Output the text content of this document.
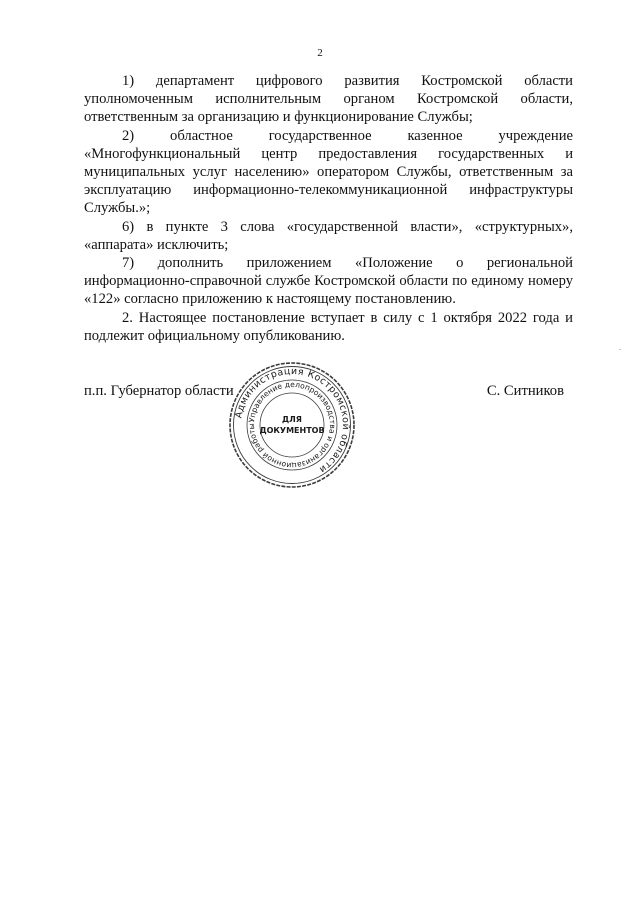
2

1) департамент цифрового развития Костромской области уполномоченным исполнительным органом Костромской области, ответственным за организацию и функционирование Службы;

2) областное государственное казенное учреждение «Многофункциональный центр предоставления государственных и муниципальных услуг населению» оператором Службы, ответственным за эксплуатацию информационно-телекоммуникационной инфраструктуры Службы.»;

6) в пункте 3 слова «государственной власти», «структурных», «аппарата» исключить;

7) дополнить приложением «Положение о региональной информационно-справочной службе Костромской области по единому номеру «122» согласно приложению к настоящему постановлению.

2. Настоящее постановление вступает в силу с 1 октября 2022 года и подлежит официальному опубликованию.

п.п. Губернатор области	С. Ситников
Администрация Костромской области
Управление делопроизводства и организационной работы
ДЛЯ
ДОКУМЕНТОВ
.
